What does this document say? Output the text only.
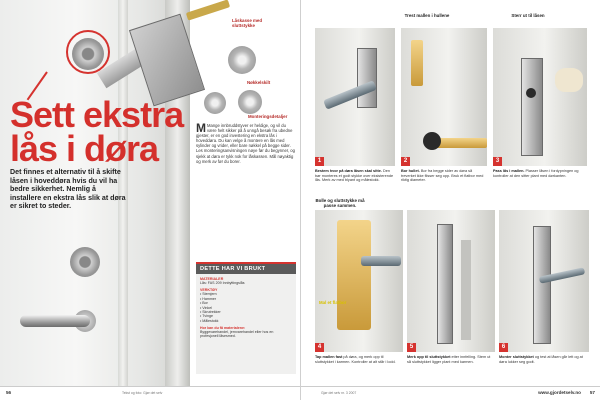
Låskasse med sluttstykke
Nøkkelskilt
Monteringsdetaljer
Sett ekstra lås i døra
Det finnes et alternativ til å skifte låsen i hoveddøra hvis du vil ha bedre sikkerhet. Nemlig å installere en ekstra lås slik at døra er sikret to steder.
M Mange innbruddstyver er heldige, og vil du være helt sikker på å unngå besøk fra ubedne gjester, er en god investering en ekstra lås i hoveddøra. Du kan velge å montere en lås med sylinder og vrider, eller bare nøkkel på begge sider. Les monteringsanvisningen nøye før du begynner, og sjekk at døra er tykk nok for låskassen. Mål nøyaktig og merk av før du borer.
DETTE HAR VI BRUKT
MATERIALER
Lås: FAS 209 Innbyttingslås
VERKTØY
• Stemjern
• Hammer
• Bor
• Vinkel
• Skrutrekker
• Tvinge
• Målestokk
Hor kan du få materialene:
Byggevarehandel, jernvarehandel eller hos en profesjonell låsesmed.
56	Tekst og foto: Gjør det selv
Trest mallen i hullene	Sterr ut til låsen
1
Bestem hvor på døra låsen skal sitte. Den bør monteres et godt stykke over eksisterende lås. Merk av med blyant og målestokk.
2
Bor hullet. Bor fra begge sider av døra så treverket ikke flisser seg opp. Bruk et flatbor med riktig diameter.
3
Pass lås i mallen. Plasser låsen i fordypningen og kontroller at den sitter plant med dørkanten.
Bolle og sluttstykke må passe sammen.
Mal et flatbor
4
Tap mallen fast på døra, og merk opp til sluttstykket i karmen. Kontroller at alt står i lodd.
5
Merk opp til sluttstykket etter innfelling. Stem ut så sluttstykket ligger plant med karmen.
6
Monter sluttstykket og test at låsen går lett og at døra lukker seg godt.
Gjør det selv nr. 3 2007	www.gjordetselv.no 57
